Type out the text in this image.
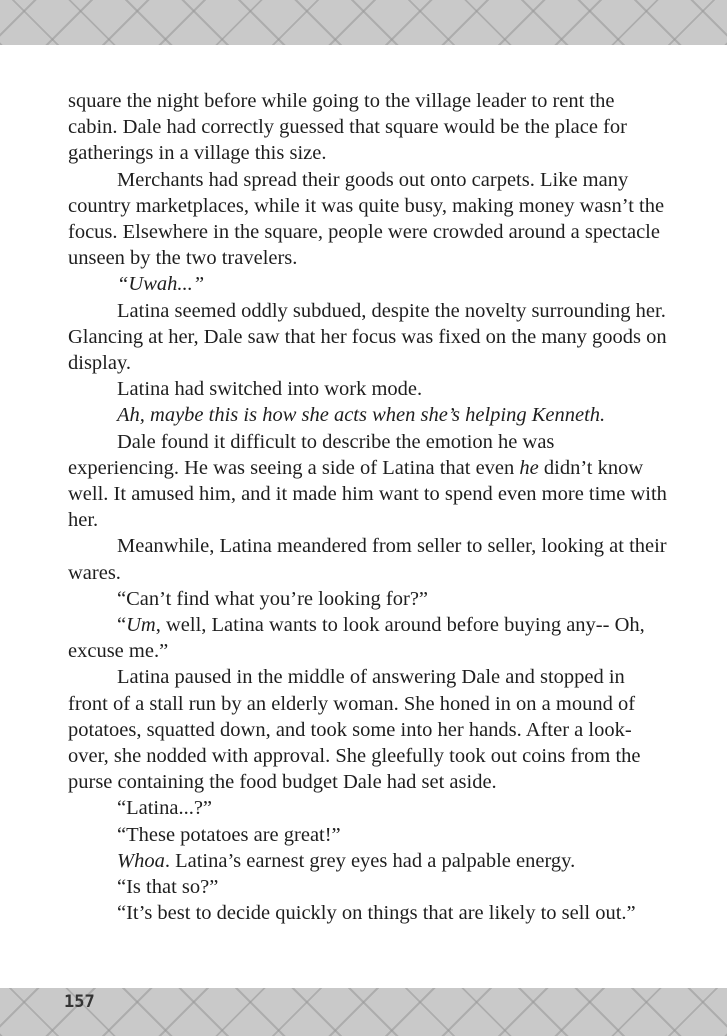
square the night before while going to the village leader to rent the cabin. Dale had correctly guessed that square would be the place for gatherings in a village this size.

Merchants had spread their goods out onto carpets. Like many country marketplaces, while it was quite busy, making money wasn’t the focus. Elsewhere in the square, people were crowded around a spectacle unseen by the two travelers.

“Uwah...”

Latina seemed oddly subdued, despite the novelty surrounding her. Glancing at her, Dale saw that her focus was fixed on the many goods on display.

Latina had switched into work mode.

Ah, maybe this is how she acts when she’s helping Kenneth.

Dale found it difficult to describe the emotion he was experiencing. He was seeing a side of Latina that even he didn’t know well. It amused him, and it made him want to spend even more time with her.

Meanwhile, Latina meandered from seller to seller, looking at their wares.

“Can’t find what you’re looking for?”

“Um, well, Latina wants to look around before buying any-- Oh, excuse me.”

Latina paused in the middle of answering Dale and stopped in front of a stall run by an elderly woman. She honed in on a mound of potatoes, squatted down, and took some into her hands. After a look-over, she nodded with approval. She gleefully took out coins from the purse containing the food budget Dale had set aside.

“Latina...?”

“These potatoes are great!”

Whoa. Latina’s earnest grey eyes had a palpable energy.

“Is that so?”

“It’s best to decide quickly on things that are likely to sell out.”

157
